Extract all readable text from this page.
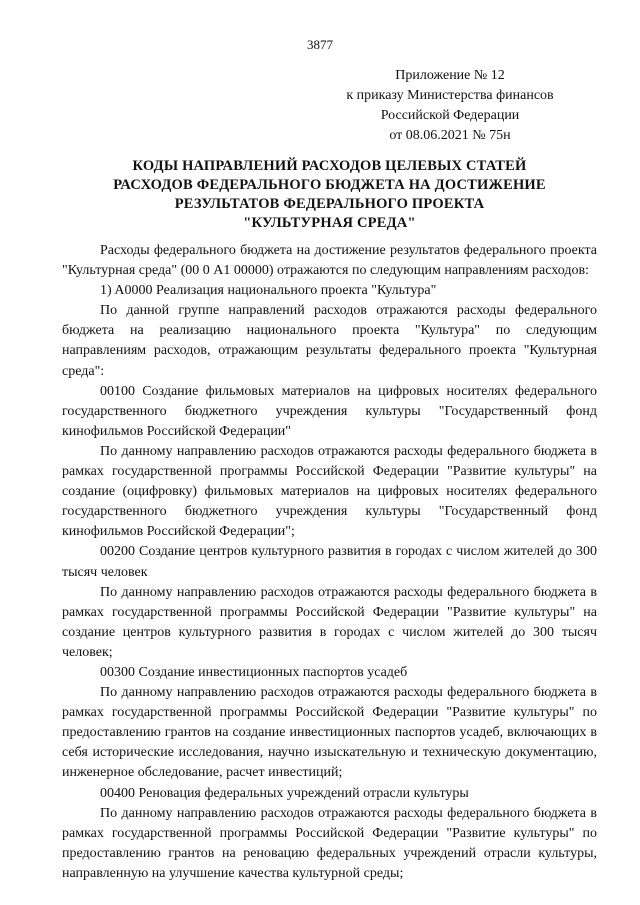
3877
Приложение № 12
к приказу Министерства финансов
Российской Федерации
от 08.06.2021 № 75н
КОДЫ НАПРАВЛЕНИЙ РАСХОДОВ ЦЕЛЕВЫХ СТАТЕЙ
РАСХОДОВ ФЕДЕРАЛЬНОГО БЮДЖЕТА НА ДОСТИЖЕНИЕ
РЕЗУЛЬТАТОВ ФЕДЕРАЛЬНОГО ПРОЕКТА
"КУЛЬТУРНАЯ СРЕДА"

Расходы федерального бюджета на достижение результатов федерального проекта "Культурная среда" (00 0 A1 00000) отражаются по следующим направлениям расходов:

1) A0000 Реализация национального проекта "Культура"

По данной группе направлений расходов отражаются расходы федерального бюджета на реализацию национального проекта "Культура" по следующим направлениям расходов, отражающим результаты федерального проекта "Культурная среда":

00100 Создание фильмовых материалов на цифровых носителях федерального государственного бюджетного учреждения культуры "Государственный фонд кинофильмов Российской Федерации"

По данному направлению расходов отражаются расходы федерального бюджета в рамках государственной программы Российской Федерации "Развитие культуры" на создание (оцифровку) фильмовых материалов на цифровых носителях федерального государственного бюджетного учреждения культуры "Государственный фонд кинофильмов Российской Федерации";

00200 Создание центров культурного развития в городах с числом жителей до 300 тысяч человек

По данному направлению расходов отражаются расходы федерального бюджета в рамках государственной программы Российской Федерации "Развитие культуры" на создание центров культурного развития в городах с числом жителей до 300 тысяч человек;

00300 Создание инвестиционных паспортов усадеб

По данному направлению расходов отражаются расходы федерального бюджета в рамках государственной программы Российской Федерации "Развитие культуры" по предоставлению грантов на создание инвестиционных паспортов усадеб, включающих в себя исторические исследования, научно изыскательную и техническую документацию, инженерное обследование, расчет инвестиций;

00400 Реновация федеральных учреждений отрасли культуры

По данному направлению расходов отражаются расходы федерального бюджета в рамках государственной программы Российской Федерации "Развитие культуры" по предоставлению грантов на реновацию федеральных учреждений отрасли культуры, направленную на улучшение качества культурной среды;
